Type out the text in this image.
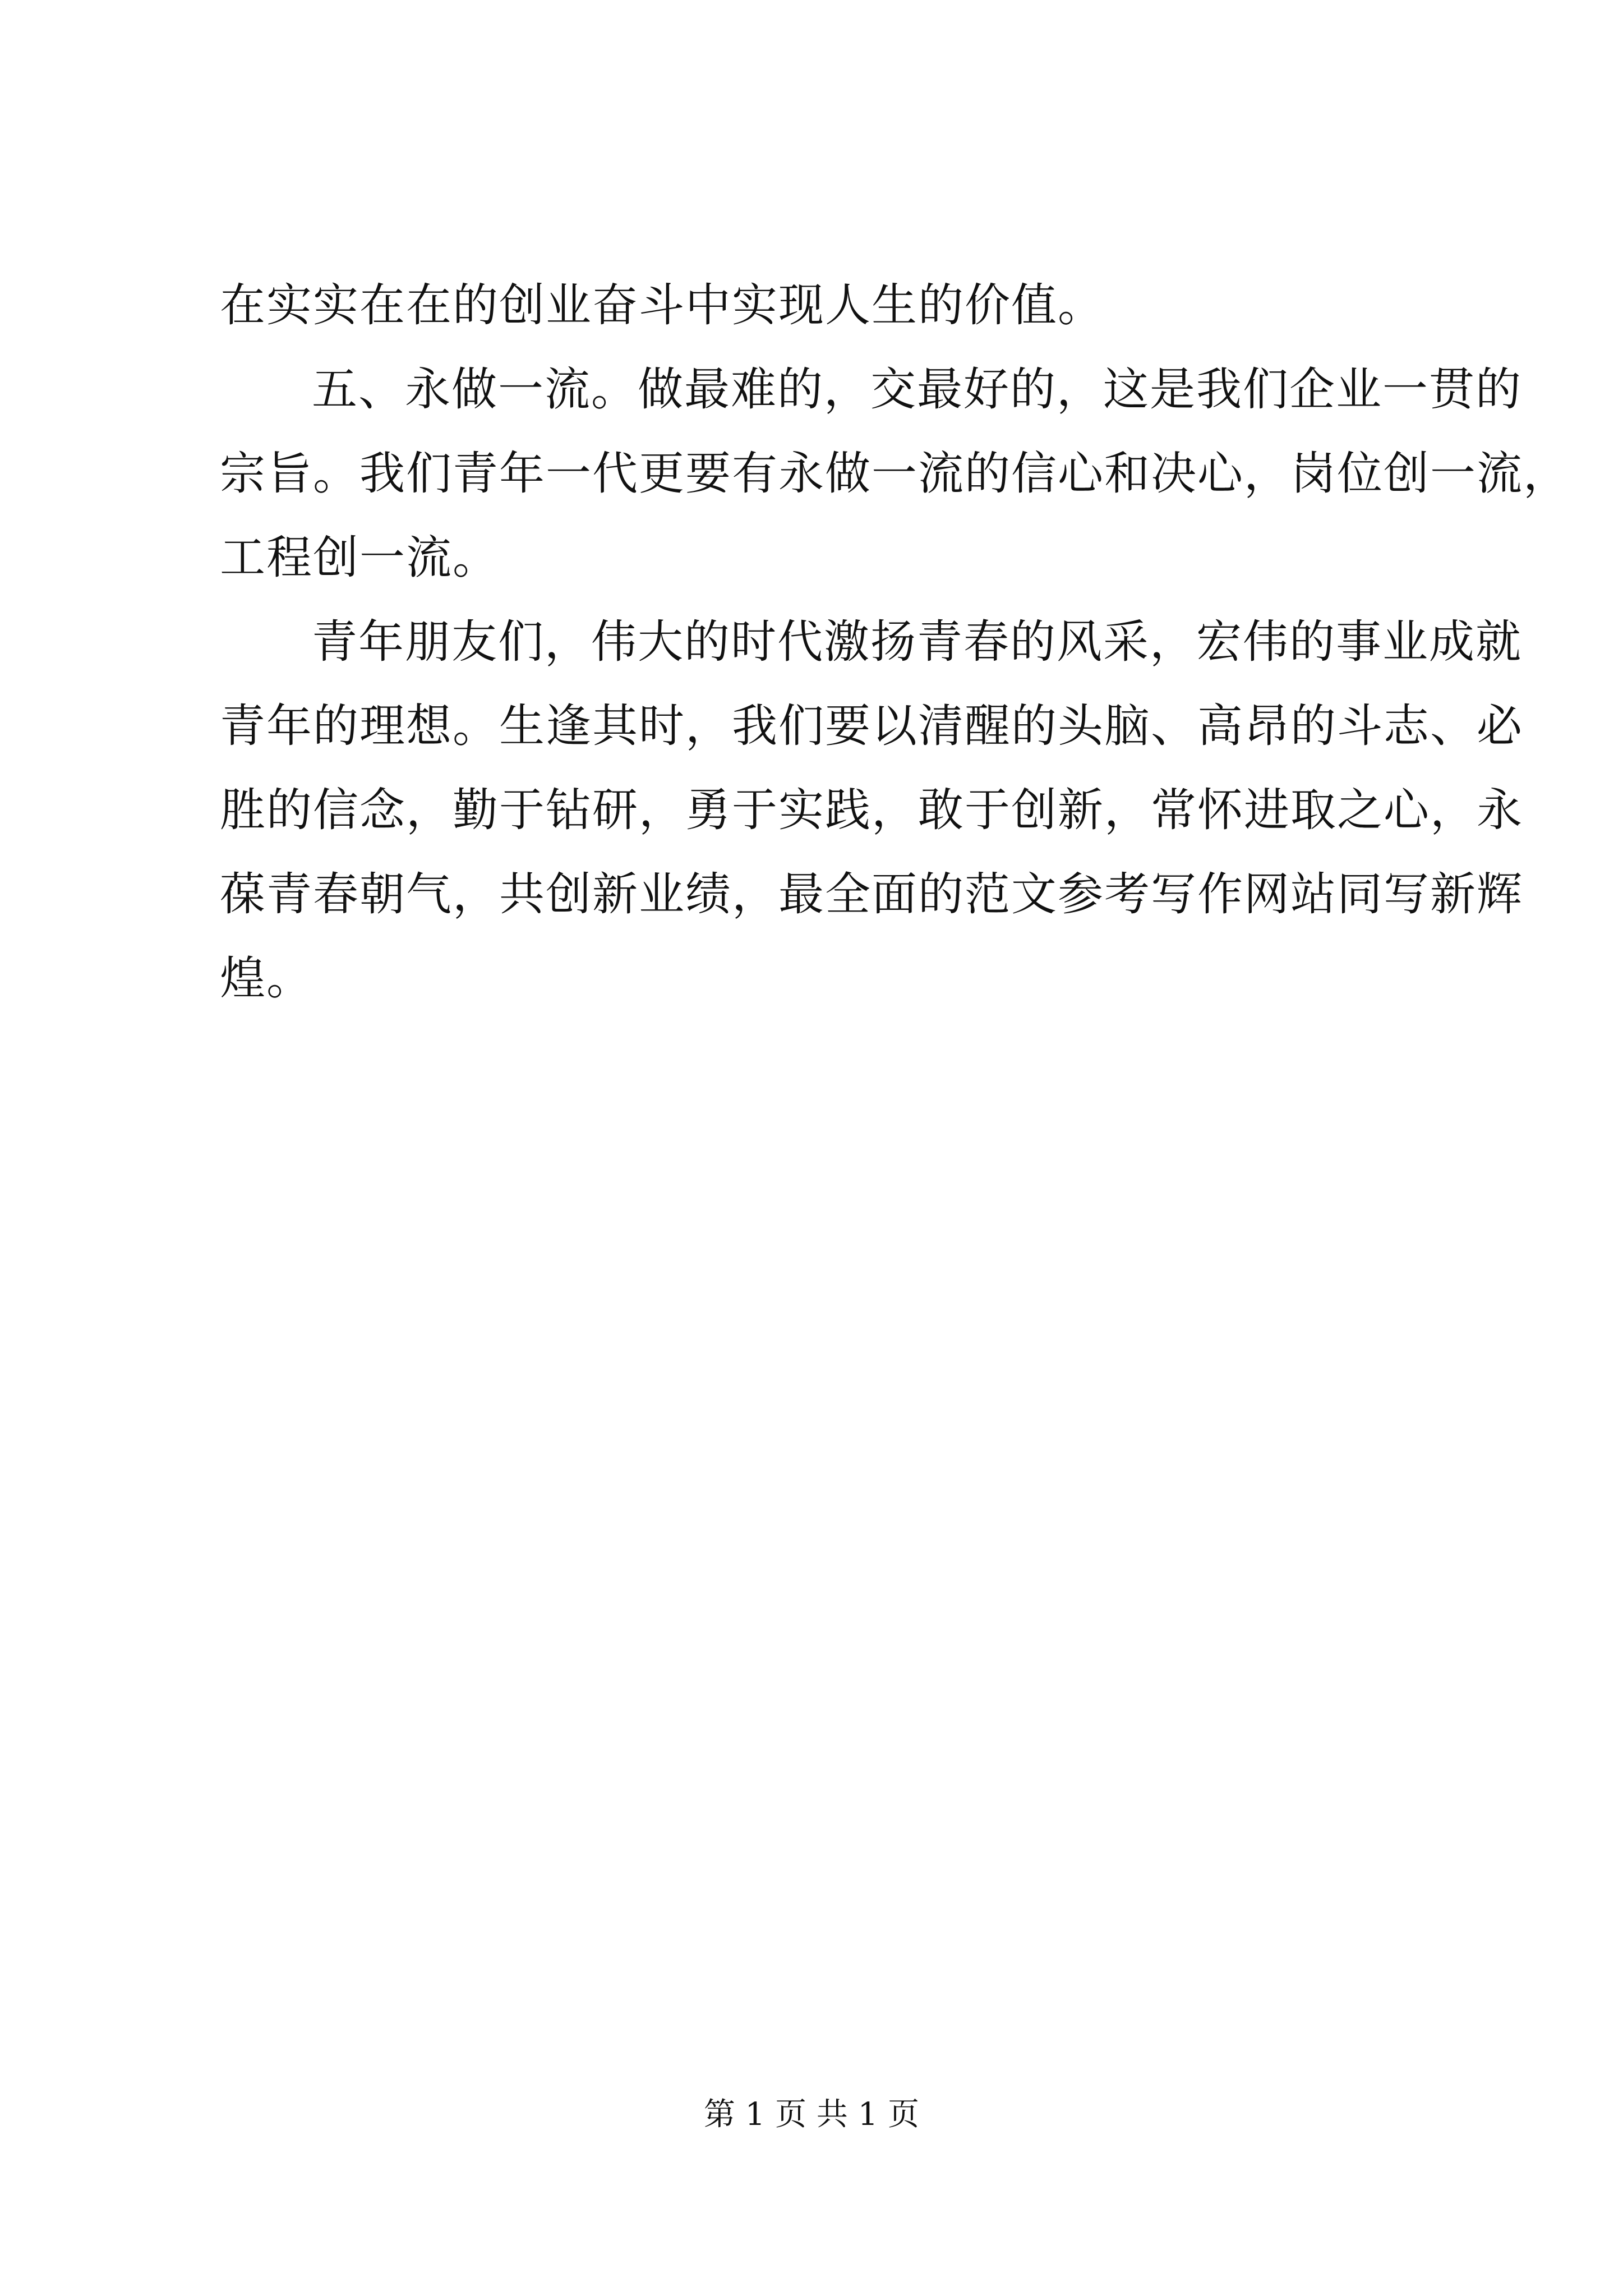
在实实在在的创业奋斗中实现人生的价值。
五、永做一流。做最难的，交最好的，这是我们企业一贯的
宗旨。我们青年一代更要有永做一流的信心和决心，岗位创一流，
工程创一流。
青年朋友们，伟大的时代激扬青春的风采，宏伟的事业成就
青年的理想。生逢其时，我们要以清醒的头脑、高昂的斗志、必
胜的信念，勤于钻研，勇于实践，敢于创新，常怀进取之心，永
葆青春朝气，共创新业绩，最全面的范文参考写作网站同写新辉
煌。
第 1 页 共 1 页
